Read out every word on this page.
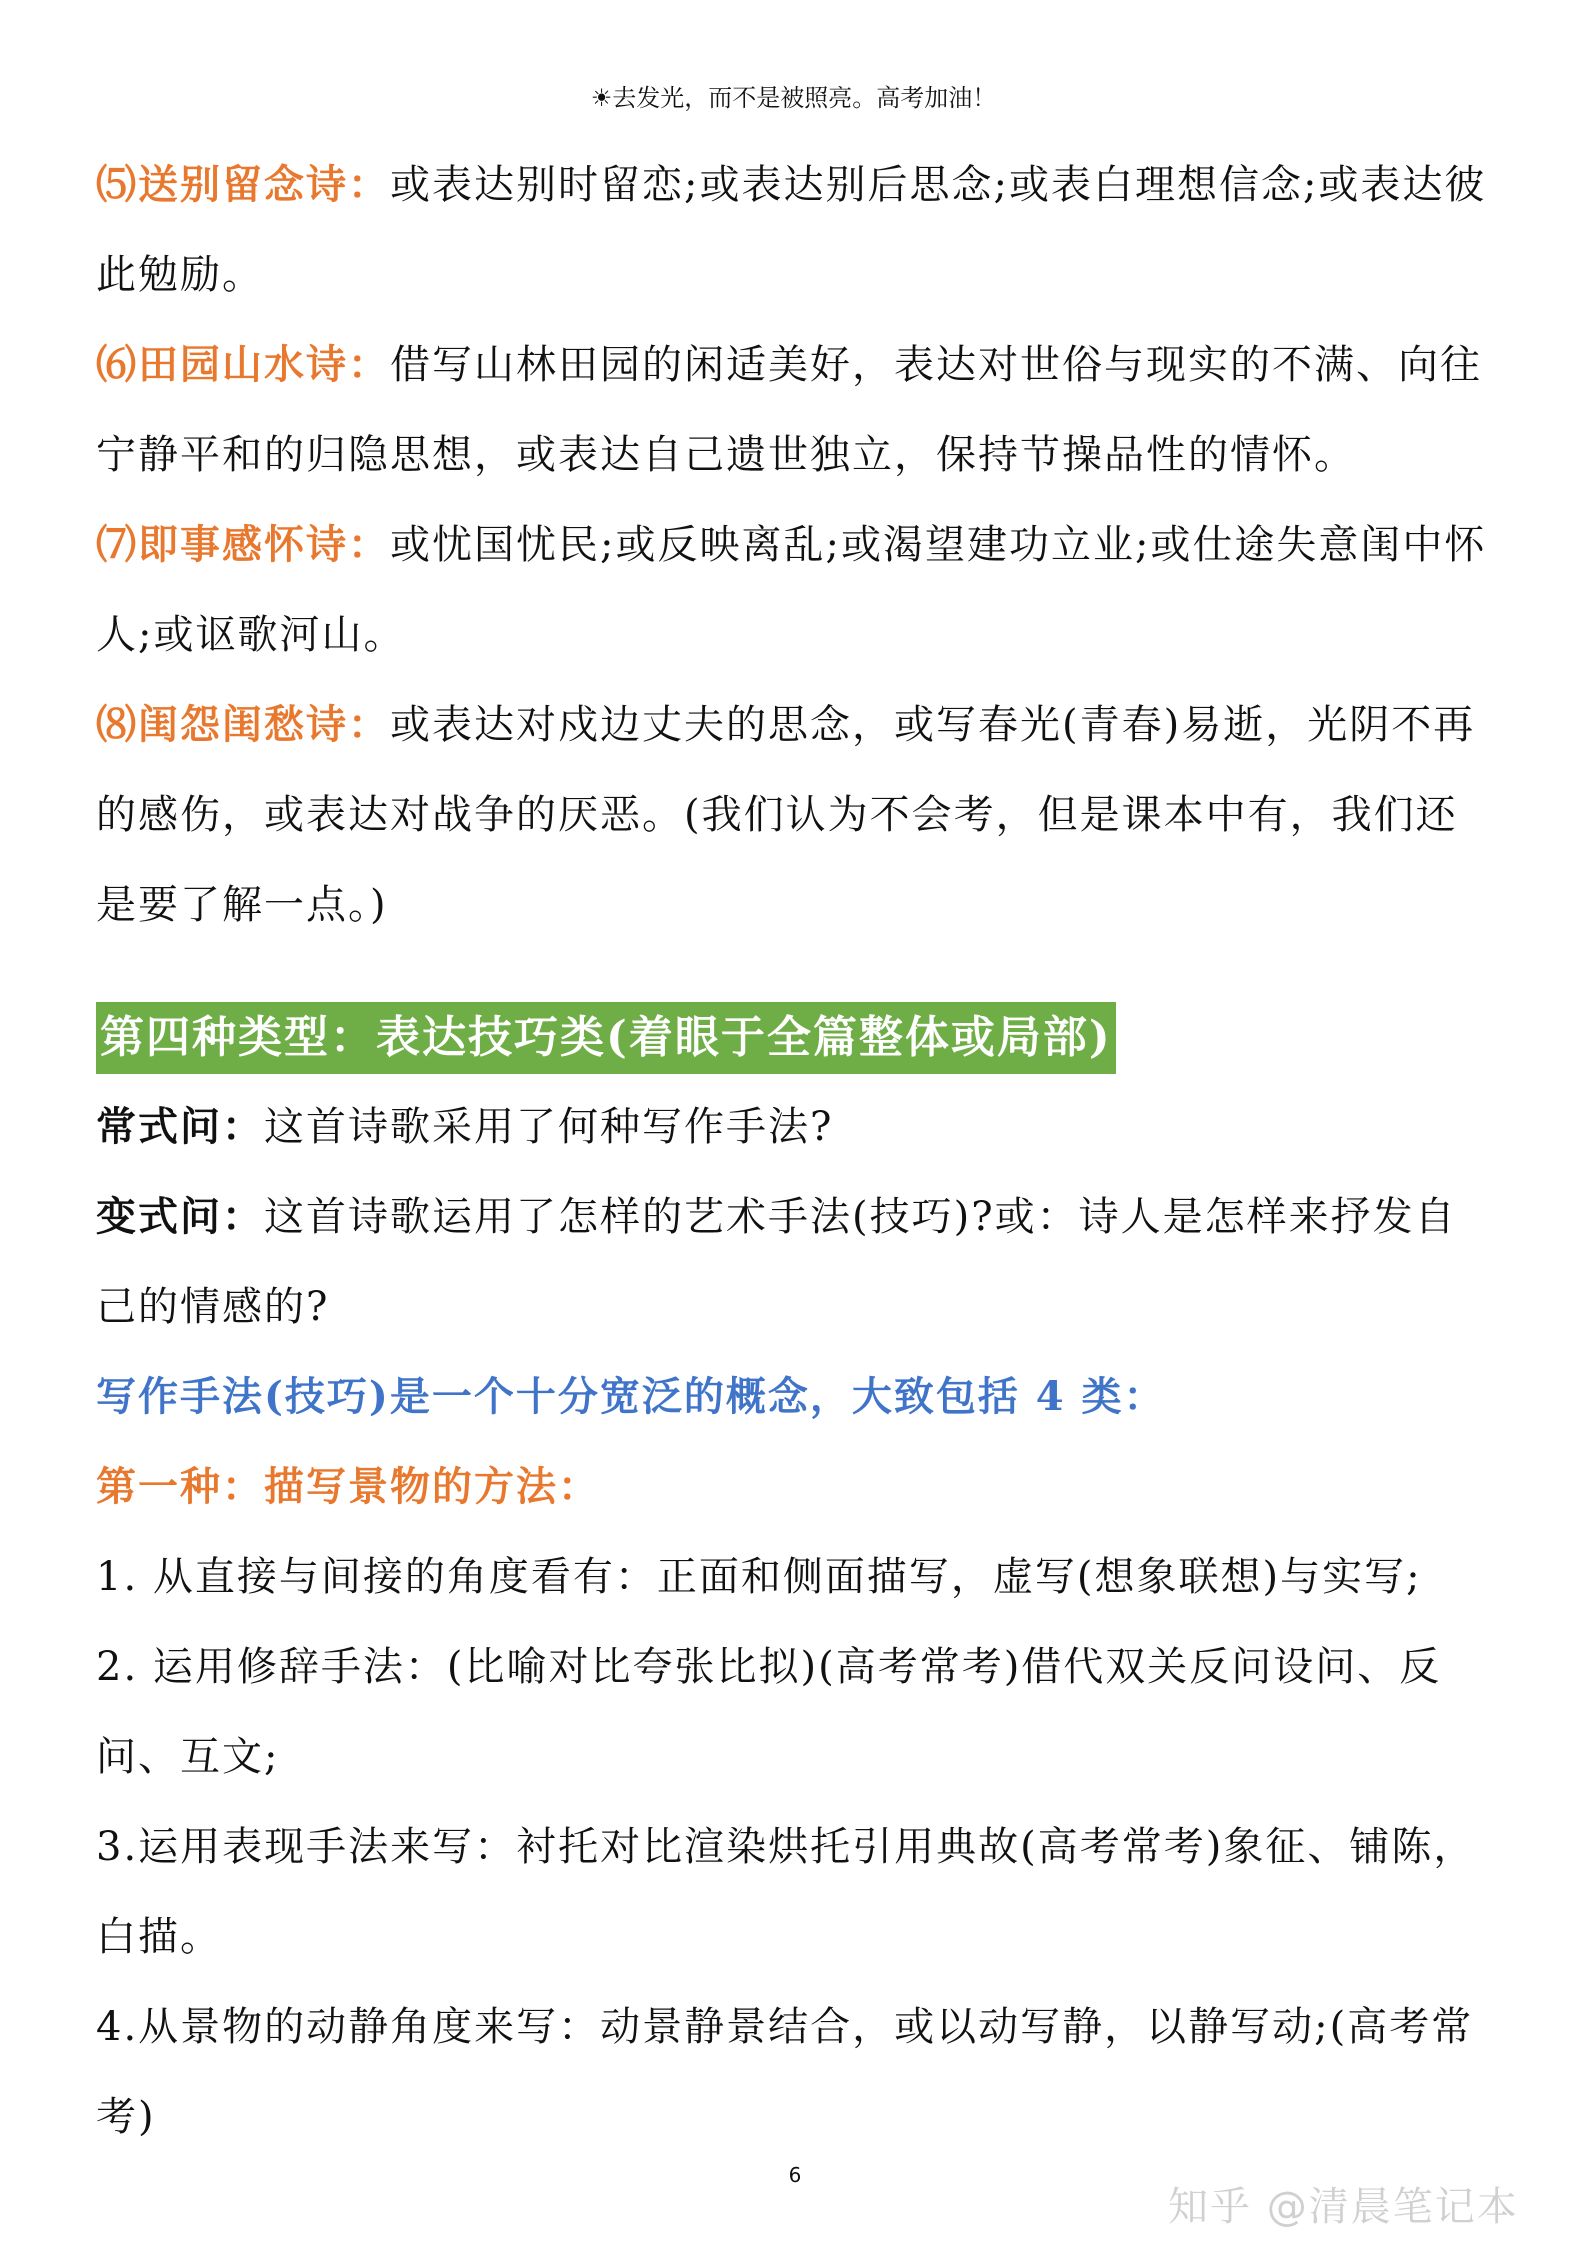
☀去发光，而不是被照亮。高考加油！

⑸送别留念诗：或表达别时留恋;或表达别后思念;或表白理想信念;或表达彼此勉励。

⑹田园山水诗：借写山林田园的闲适美好，表达对世俗与现实的不满、向往宁静平和的归隐思想，或表达自己遗世独立，保持节操品性的情怀。

⑺即事感怀诗：或忧国忧民;或反映离乱;或渴望建功立业;或仕途失意闺中怀人;或讴歌河山。

⑻闺怨闺愁诗：或表达对戍边丈夫的思念，或写春光(青春)易逝，光阴不再的感伤，或表达对战争的厌恶。(我们认为不会考，但是课本中有，我们还是要了解一点。)

第四种类型：表达技巧类(着眼于全篇整体或局部)

常式问：这首诗歌采用了何种写作手法?

变式问：这首诗歌运用了怎样的艺术手法(技巧)?或：诗人是怎样来抒发自己的情感的?

写作手法(技巧)是一个十分宽泛的概念，大致包括 4 类：

第一种：描写景物的方法：

1. 从直接与间接的角度看有：正面和侧面描写，虚写(想象联想)与实写;

2. 运用修辞手法：(比喻对比夸张比拟)(高考常考)借代双关反问设问、反问、互文;

3.运用表现手法来写：衬托对比渲染烘托引用典故(高考常考)象征、铺陈，白描。

4.从景物的动静角度来写：动景静景结合，或以动写静，以静写动;(高考常考)

6
知乎 @清晨笔记本
